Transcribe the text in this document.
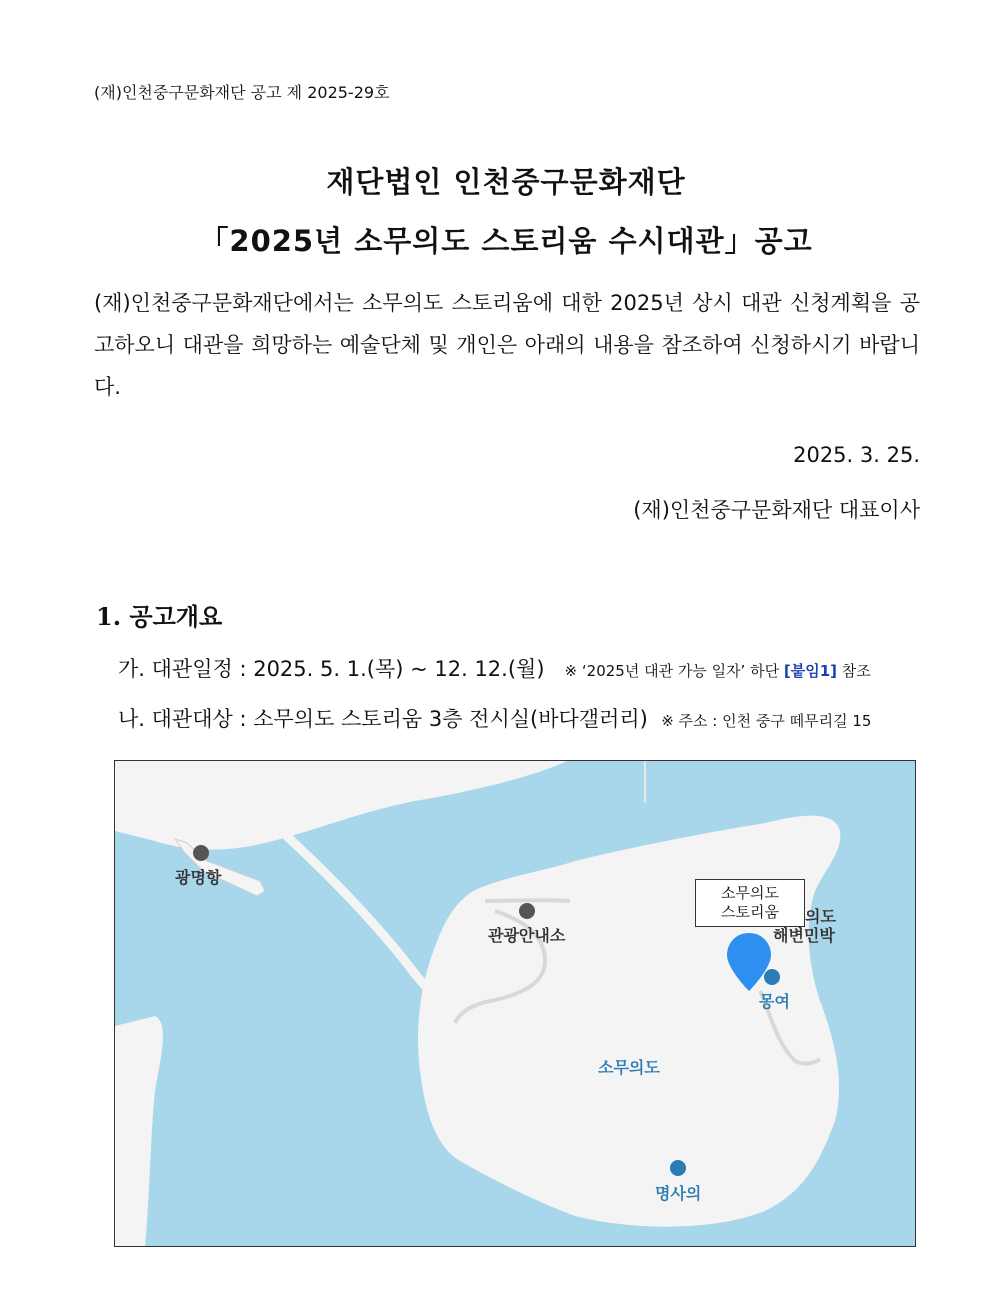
(재)인천중구문화재단 공고 제 2025-29호
재단법인 인천중구문화재단
「2025년 소무의도 스토리움 수시대관」공고
(재)인천중구문화재단에서는 소무의도 스토리움에 대한 2025년 상시 대관 신청계획을 공고하오니 대관을 희망하는 예술단체 및 개인은 아래의 내용을 참조하여 신청하시기 바랍니다.
2025. 3. 25.
(재)인천중구문화재단 대표이사
1. 공고개요
가. 대관일정 : 2025. 5. 1.(목) ~ 12. 12.(월) ※ ‘2025년 대관 가능 일자’ 하단 [붙임1] 참조
나. 대관대상 : 소무의도 스토리움 3층 전시실(바다갤러리) ※ 주소 : 인천 중구 떼무리길 15
소무의도
스토리움
광명항
관광안내소
의도
해변민박
몽여
소무의도
명사의
